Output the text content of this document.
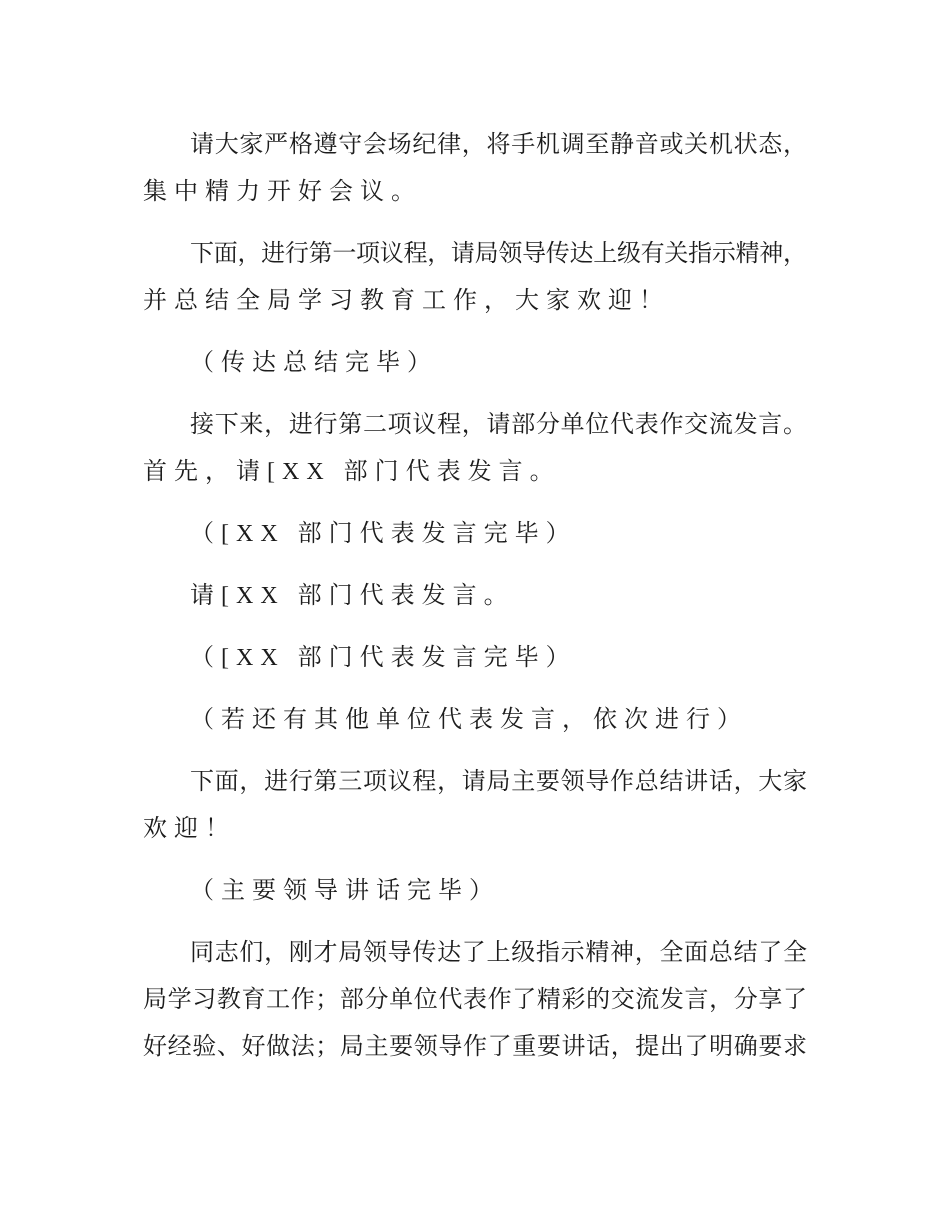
请大家严格遵守会场纪律，将手机调至静音或关机状态，
集中精力开好会议。
下面，进行第一项议程，请局领导传达上级有关指示精神，
并总结全局学习教育工作，大家欢迎！
（传达总结完毕）
接下来，进行第二项议程，请部分单位代表作交流发言。
首先，请[XX 部门代表发言。
（[XX 部门代表发言完毕）
请[XX 部门代表发言。
（[XX 部门代表发言完毕）
（若还有其他单位代表发言，依次进行）
下面，进行第三项议程，请局主要领导作总结讲话，大家
欢迎！
（主要领导讲话完毕）
同志们，刚才局领导传达了上级指示精神，全面总结了全
局学习教育工作；部分单位代表作了精彩的交流发言，分享了
好经验、好做法；局主要领导作了重要讲话，提出了明确要求
